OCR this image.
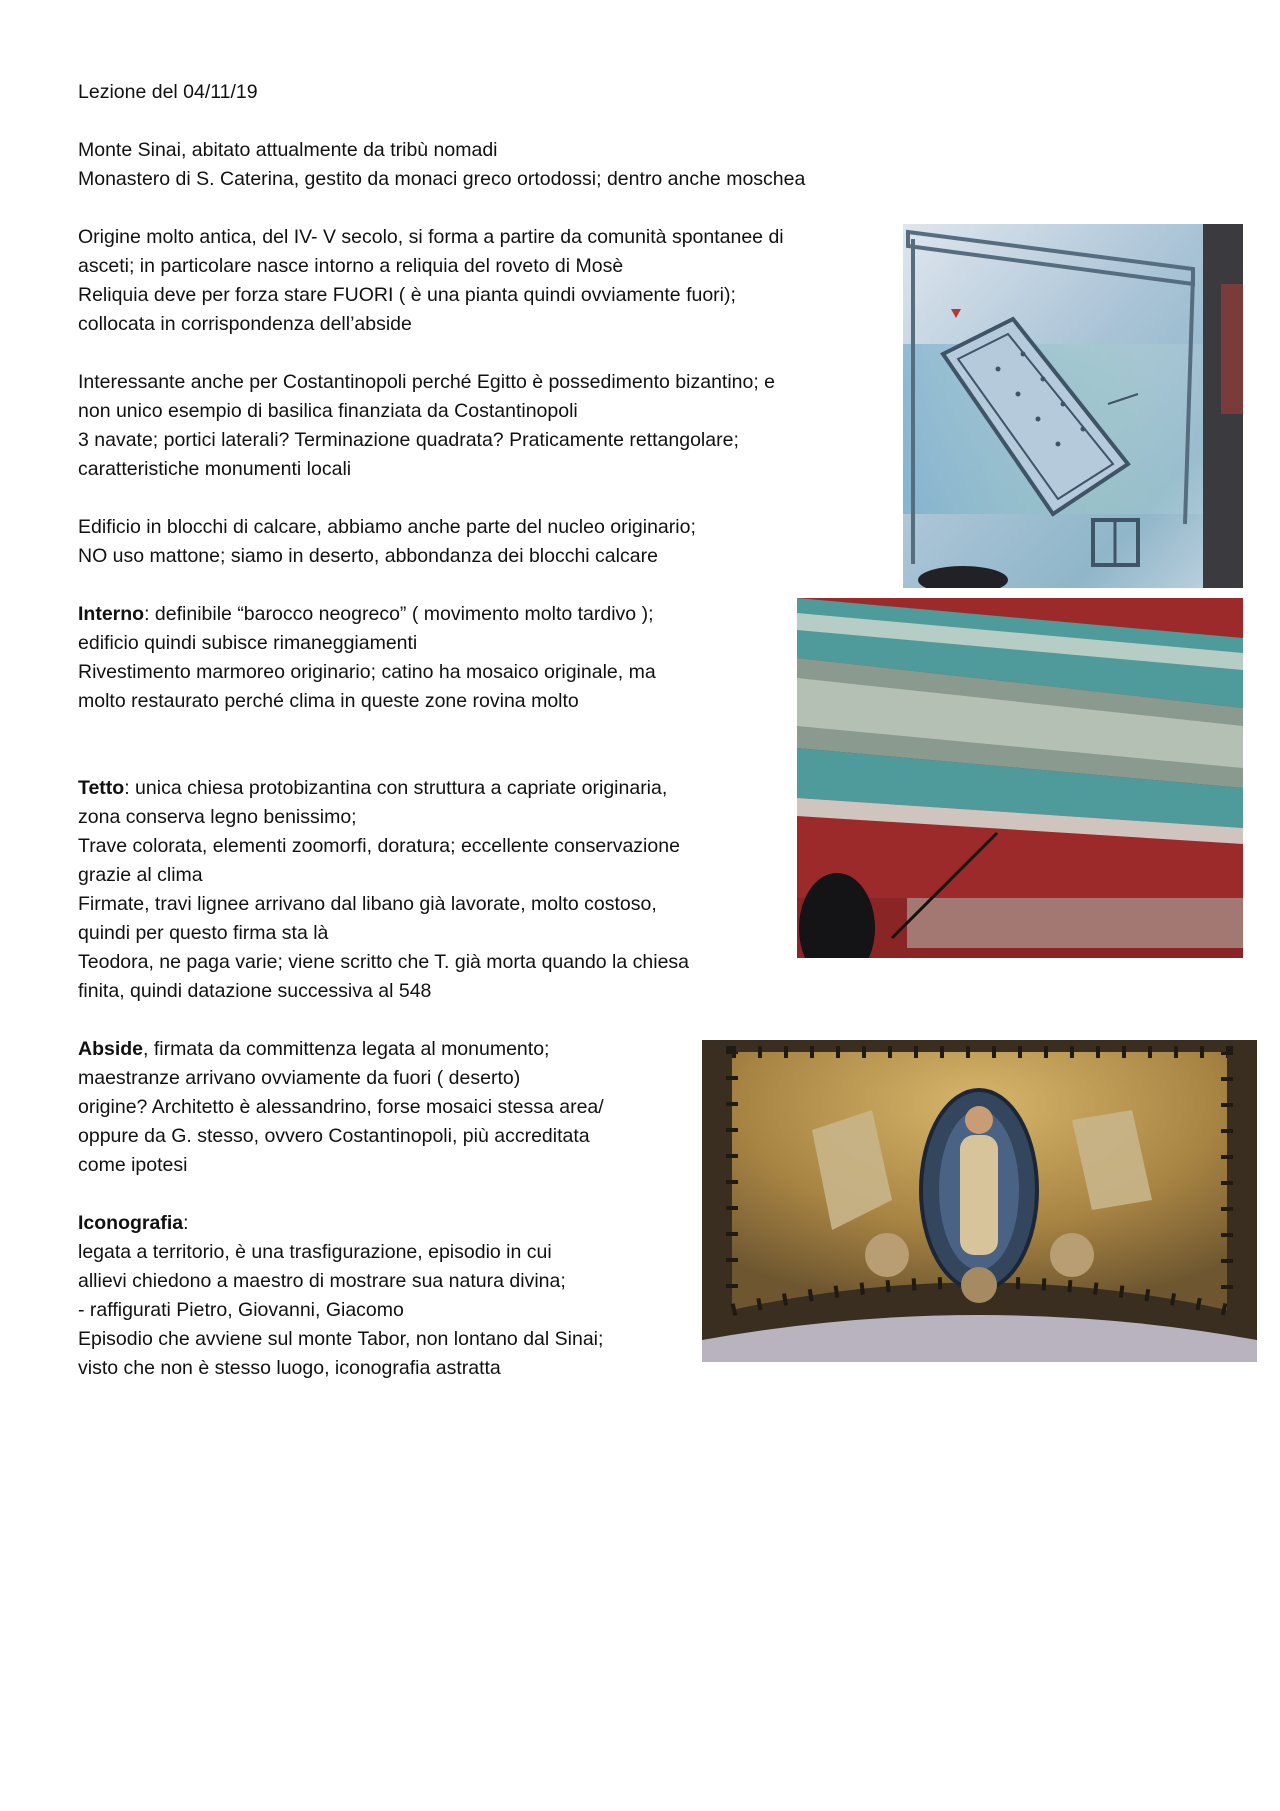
Lezione del 04/11/19

Monte Sinai, abitato attualmente da tribù nomadi

Monastero di S. Caterina, gestito da monaci greco ortodossi; dentro anche moschea

Origine molto antica, del IV- V secolo, si forma a partire da comunità spontanee di

asceti; in particolare nasce intorno a reliquia del roveto di Mosè

Reliquia deve per forza stare FUORI ( è una pianta quindi ovviamente fuori);

collocata in corrispondenza dell’abside

Interessante anche per Costantinopoli perché Egitto è possedimento bizantino; e

non unico esempio di basilica finanziata da Costantinopoli

3 navate; portici laterali? Terminazione quadrata? Praticamente rettangolare;

caratteristiche monumenti locali

Edificio in blocchi di calcare, abbiamo anche parte del nucleo originario;

NO uso mattone; siamo in deserto, abbondanza dei blocchi calcare

Interno: definibile “barocco neogreco” ( movimento molto tardivo );

edificio quindi subisce rimaneggiamenti

Rivestimento marmoreo originario; catino ha mosaico originale, ma

molto restaurato perché clima in queste zone rovina molto

Tetto: unica chiesa protobizantina con struttura a capriate originaria,

zona conserva legno benissimo;

Trave colorata, elementi zoomorfi, doratura; eccellente conservazione

grazie al clima

Firmate, travi lignee arrivano dal libano già lavorate, molto costoso,

quindi per questo firma sta là

Teodora, ne paga varie; viene scritto che T. già morta quando la chiesa

finita, quindi datazione successiva al 548

Abside, firmata da committenza legata al monumento;

maestranze arrivano ovviamente da fuori ( deserto)

origine? Architetto è alessandrino, forse mosaici stessa area/

oppure da G. stesso, ovvero Costantinopoli, più accreditata

come ipotesi

Iconografia:

legata a territorio, è una trasfigurazione, episodio in cui

allievi chiedono a maestro di mostrare sua natura divina;

- raffigurati Pietro, Giovanni, Giacomo

Episodio che avviene sul monte Tabor, non lontano dal Sinai;

visto che non è stesso luogo, iconografia astratta
